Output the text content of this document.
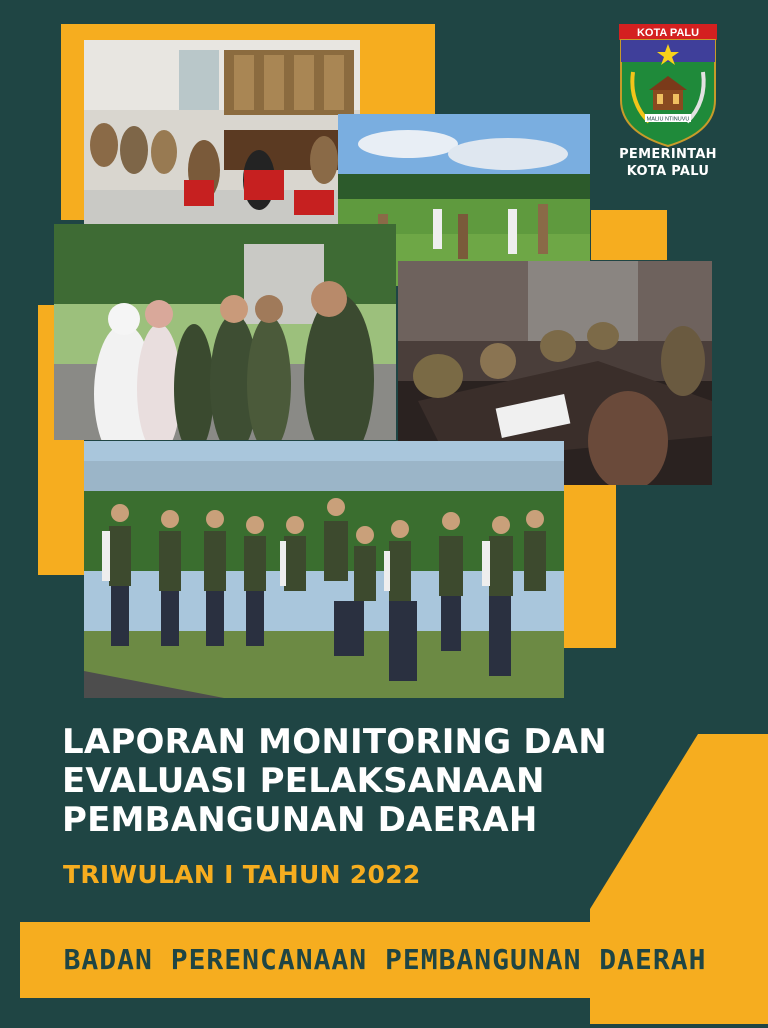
KOTA PALU
MALIU NTINUVU
PEMERINTAH
KOTA PALU
LAPORAN MONITORING DAN
EVALUASI PELAKSANAAN
PEMBANGUNAN DAERAH
TRIWULAN I TAHUN 2022
BADAN PERENCANAAN PEMBANGUNAN DAERAH
